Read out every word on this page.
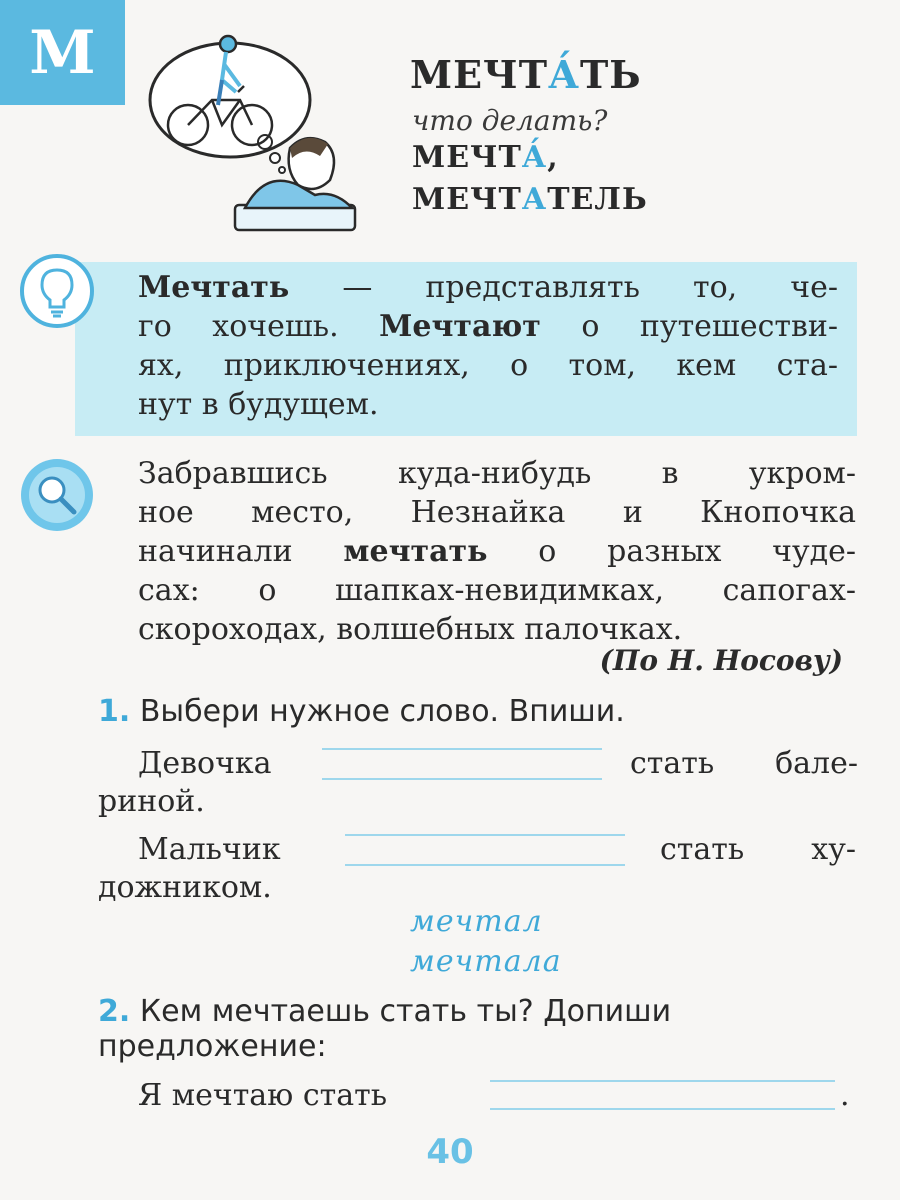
М	МЕЧТА́ТЬ
что делать?
МЕЧТА́,
МЕЧТАТЕЛЬ
Мечтать — представлять то, че-
го хочешь. Мечтают о путешестви-
ях, приключениях, о том, кем ста-
нут в будущем.
Забравшись куда-нибудь в укром-
ное место, Незнайка и Кнопочка
начинали мечтать о разных чуде-
сах: о шапках-невидимках, сапогах-
скороходах, волшебных палочках.
(По Н. Носову)
1. Выбери нужное слово. Впиши.
Девочка	стать бале-
риной.
Мальчик	стать ху-
дожником.
мечтал
мечтала
2. Кем мечтаешь стать ты? Допиши
предложение:
Я мечтаю стать	.
40
